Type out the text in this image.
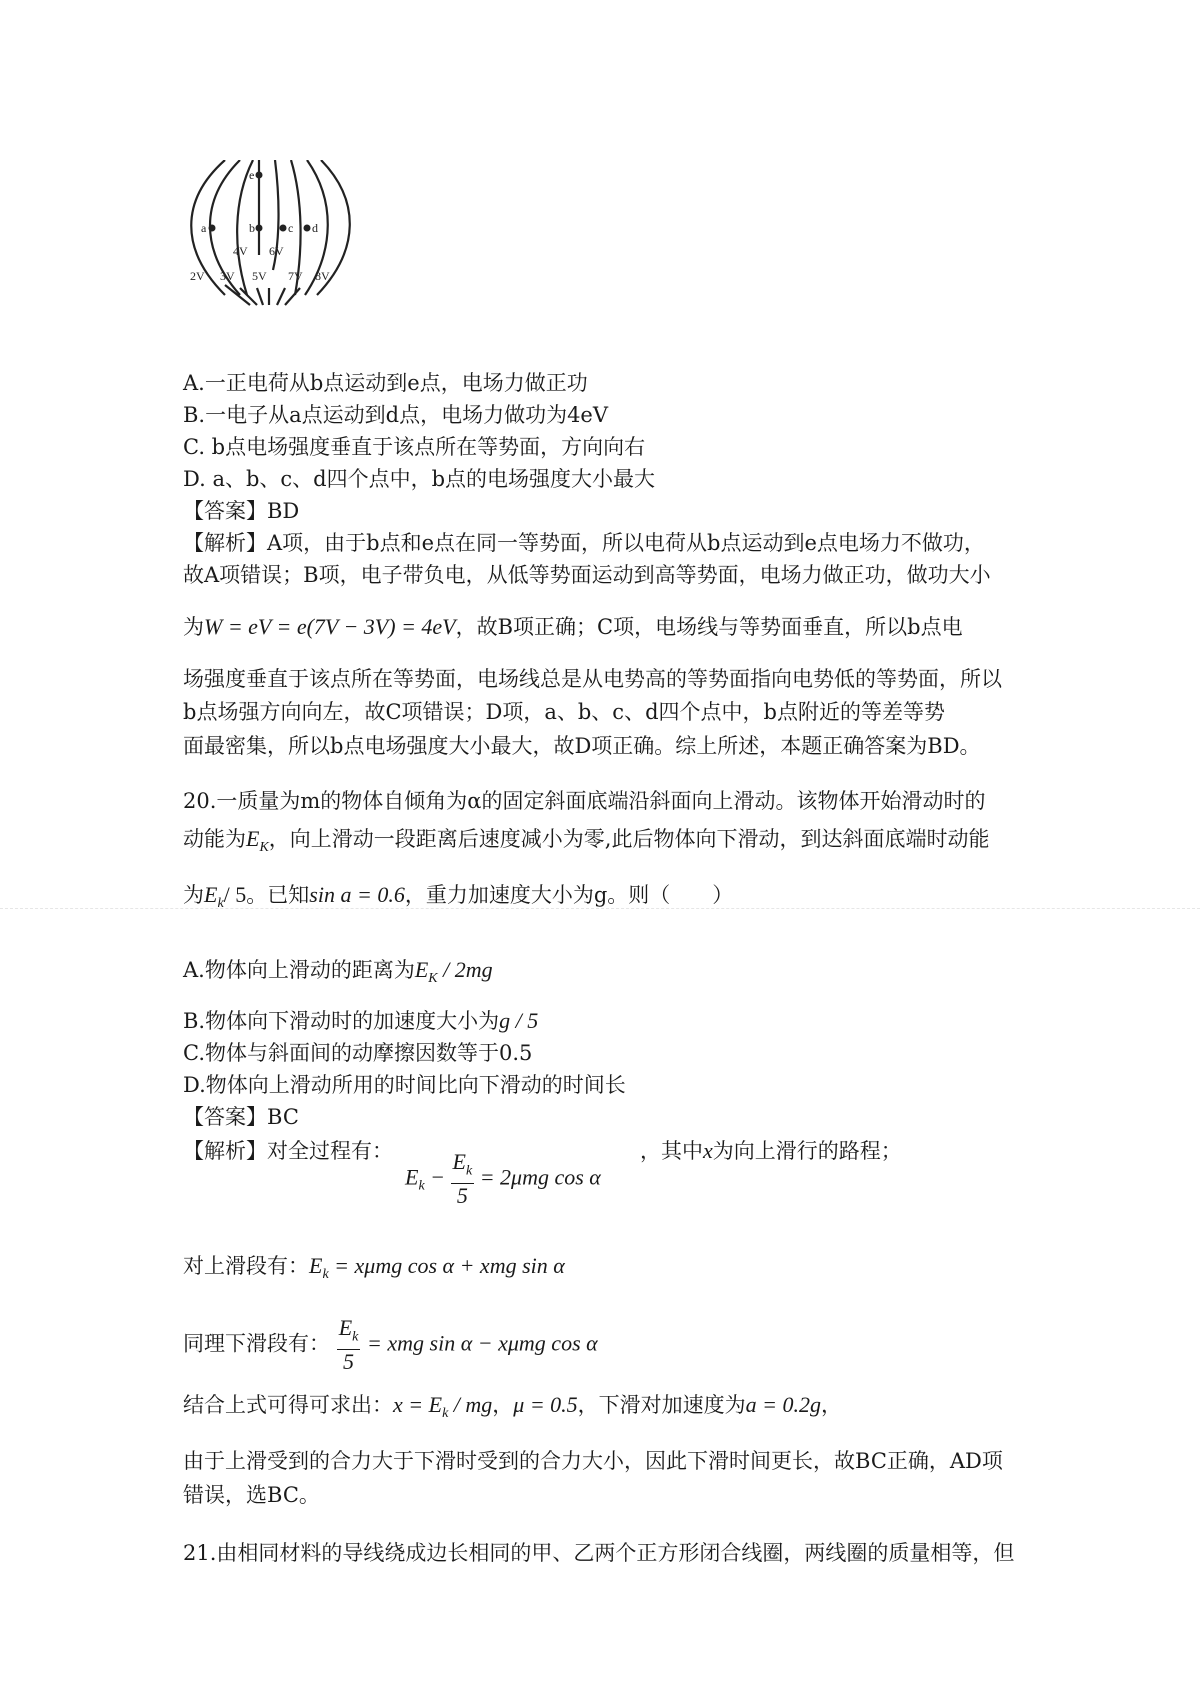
e
a	b	c d
4V 6V
2V 3V 5V 7V 8V
A.一正电荷从b点运动到e点，电场力做正功
B.一电子从a点运动到d点，电场力做功为4eV
C. b点电场强度垂直于该点所在等势面，方向向右
D. a、b、c、d四个点中，b点的电场强度大小最大
【答案】BD
【解析】A项，由于b点和e点在同一等势面，所以电荷从b点运动到e点电场力不做功，
故A项错误；B项，电子带负电，从低等势面运动到高等势面，电场力做正功，做功大小
为W = eV = e(7V − 3V) = 4eV，故B项正确；C项，电场线与等势面垂直，所以b点电
场强度垂直于该点所在等势面，电场线总是从电势高的等势面指向电势低的等势面，所以
b点场强方向向左，故C项错误；D项，a、b、c、d四个点中，b点附近的等差等势
面最密集，所以b点电场强度大小最大，故D项正确。综上所述，本题正确答案为BD。
20.一质量为m的物体自倾角为α的固定斜面底端沿斜面向上滑动。该物体开始滑动时的
动能为$E_K$，向上滑动一段距离后速度减小为零,此后物体向下滑动，到达斜面底端时动能
为$E_k/$ 5。已知sin a = 0.6，重力加速度大小为g。则（　　）
A.物体向上滑动的距离为$E_K / 2mg$
B.物体向下滑动时的加速度大小为g / 5
C.物体与斜面间的动摩擦因数等于0.5
D.物体向上滑动所用的时间比向下滑动的时间长
【答案】BC
【解析】对全过程有：
$E_k - \frac{E_k}{5} = 2\mu mg$ cos α
，其中x为向上滑行的路程；
对上滑段有：$E_k = x\mu mg$ cos α + xmg sin α
同理下滑段有： $\frac{E_k}{5}$ = xmg sin α − xμmg cos α
结合上式可得可求出：$x = E_k$ / mg，μ = 0.5，下滑对加速度为a = 0.2g，
由于上滑受到的合力大于下滑时受到的合力大小，因此下滑时间更长，故BC正确，AD项
错误，选BC。
21.由相同材料的导线绕成边长相同的甲、乙两个正方形闭合线圈，两线圈的质量相等，但
